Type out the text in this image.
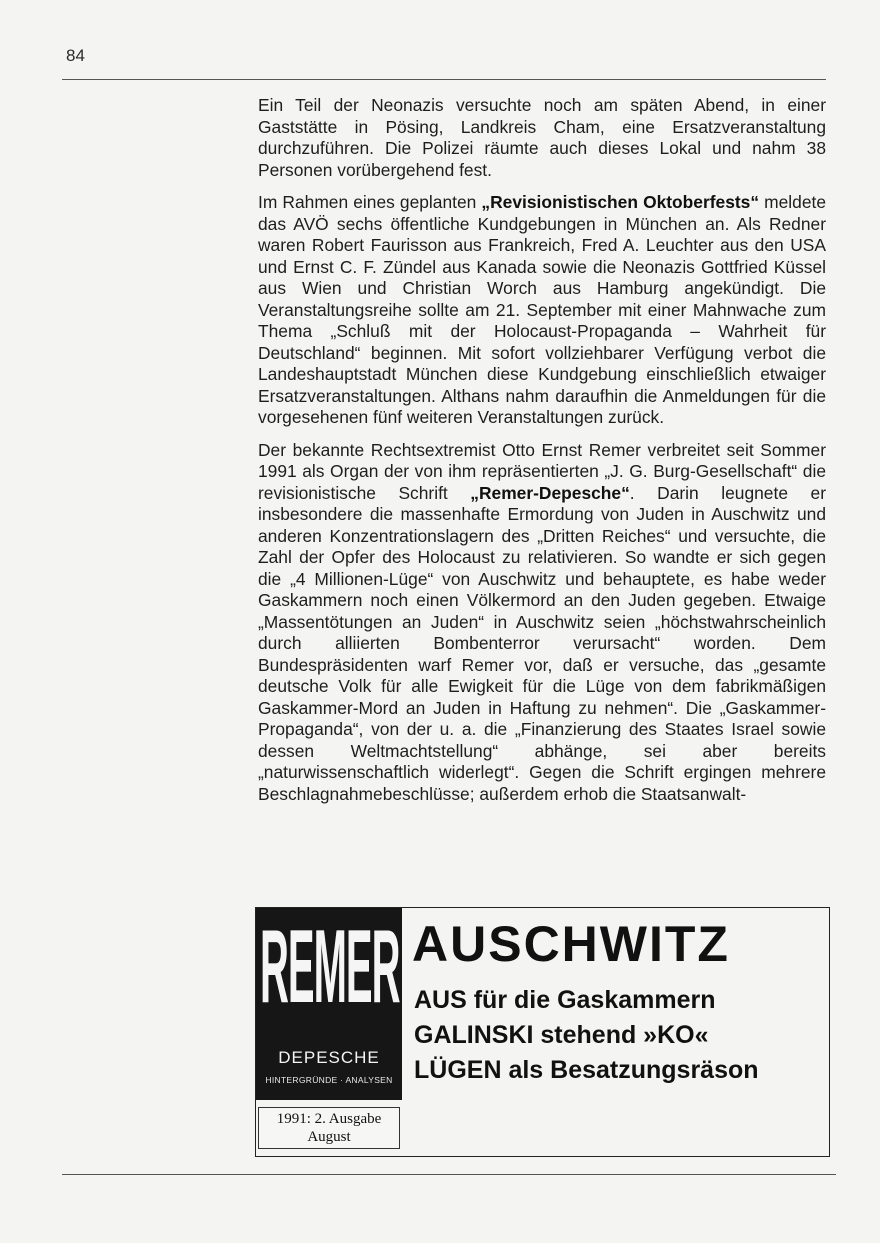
84

Ein Teil der Neonazis versuchte noch am späten Abend, in einer Gaststätte in Pösing, Landkreis Cham, eine Ersatzveranstaltung durchzuführen. Die Polizei räumte auch dieses Lokal und nahm 38 Personen vorübergehend fest.

Im Rahmen eines geplanten „Revisionistischen Oktoberfests“ meldete das AVÖ sechs öffentliche Kundgebungen in München an. Als Redner waren Robert Faurisson aus Frankreich, Fred A. Leuchter aus den USA und Ernst C. F. Zündel aus Kanada sowie die Neonazis Gottfried Küssel aus Wien und Christian Worch aus Hamburg angekündigt. Die Veranstaltungsreihe sollte am 21. September mit einer Mahnwache zum Thema „Schluß mit der Holocaust-Propaganda – Wahrheit für Deutschland“ beginnen. Mit sofort vollziehbarer Verfügung verbot die Landeshauptstadt München diese Kundgebung einschließlich etwaiger Ersatzveranstaltungen. Althans nahm daraufhin die Anmeldungen für die vorgesehenen fünf weiteren Veranstaltungen zurück.

Der bekannte Rechtsextremist Otto Ernst Remer verbreitet seit Sommer 1991 als Organ der von ihm repräsentierten „J. G. Burg-Gesellschaft“ die revisionistische Schrift „Remer-Depesche“. Darin leugnete er insbesondere die massenhafte Ermordung von Juden in Auschwitz und anderen Konzentrationslagern des „Dritten Reiches“ und versuchte, die Zahl der Opfer des Holocaust zu relativieren. So wandte er sich gegen die „4 Millionen-Lüge“ von Auschwitz und behauptete, es habe weder Gaskammern noch einen Völkermord an den Juden gegeben. Etwaige „Massentötungen an Juden“ in Auschwitz seien „höchstwahrscheinlich durch alliierten Bombenterror verursacht“ worden. Dem Bundespräsidenten warf Remer vor, daß er versuche, das „gesamte deutsche Volk für alle Ewigkeit für die Lüge von dem fabrikmäßigen Gaskammer-Mord an Juden in Haftung zu nehmen“. Die „Gaskammer-Propaganda“, von der u. a. die „Finanzierung des Staates Israel sowie dessen Weltmachtstellung“ abhänge, sei aber bereits „naturwissenschaftlich widerlegt“. Gegen die Schrift ergingen mehrere Beschlagnahmebeschlüsse; außerdem erhob die Staatsanwalt-

REMER
DEPESCHE
HINTERGRÜNDE · ANALYSEN
1991: 2. Ausgabe
August
AUSCHWITZ
AUS für die Gaskammern
GALINSKI stehend »KO«
LÜGEN als Besatzungsräson
